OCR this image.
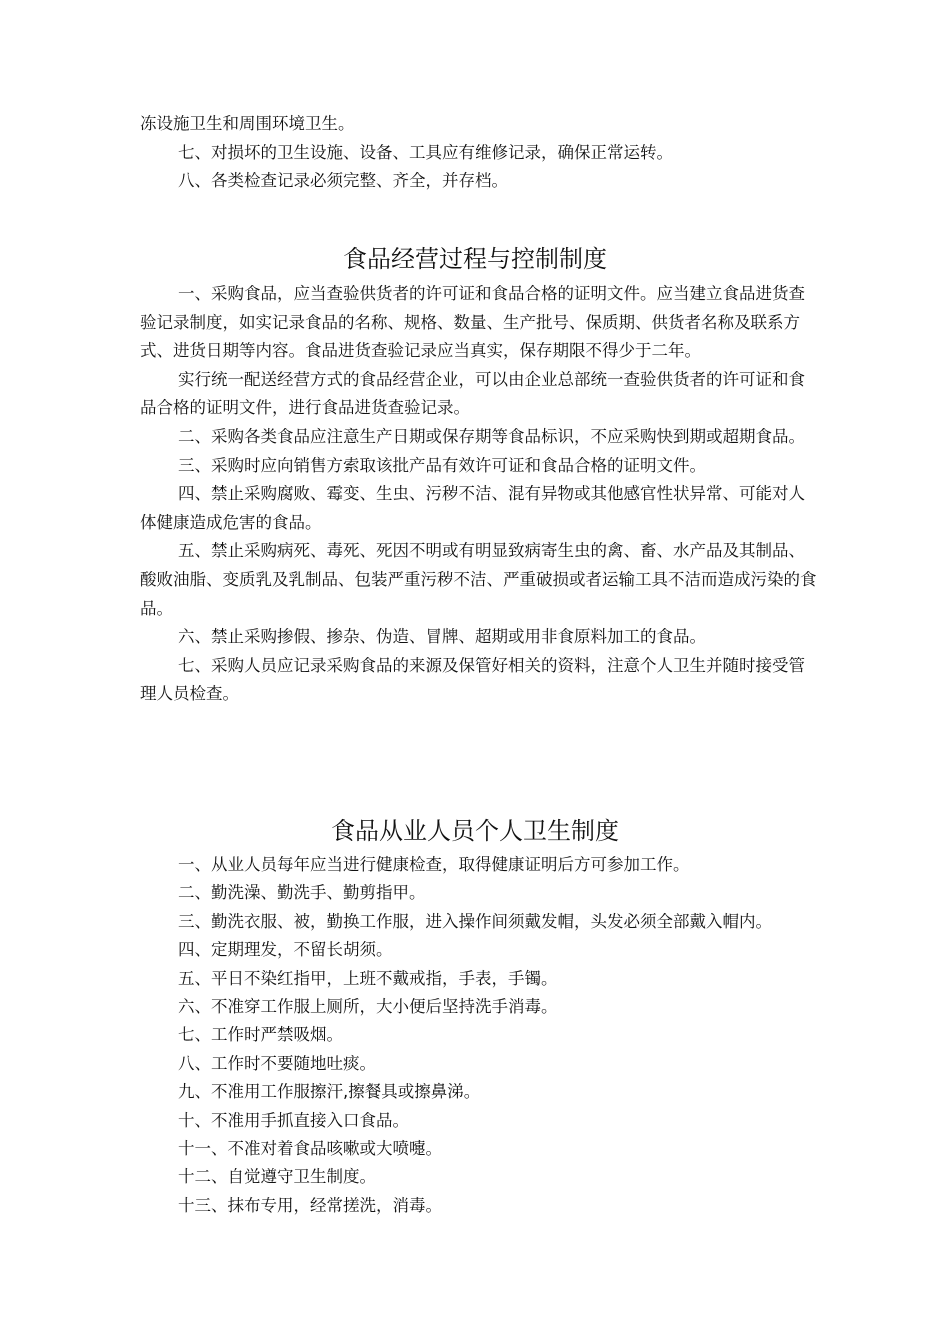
冻设施卫生和周围环境卫生。

七、对损坏的卫生设施、设备、工具应有维修记录，确保正常运转。

八、各类检查记录必须完整、齐全，并存档。

食品经营过程与控制制度

一、采购食品，应当查验供货者的许可证和食品合格的证明文件。应当建立食品进货查验记录制度，如实记录食品的名称、规格、数量、生产批号、保质期、供货者名称及联系方式、进货日期等内容。食品进货查验记录应当真实，保存期限不得少于二年。

实行统一配送经营方式的食品经营企业，可以由企业总部统一查验供货者的许可证和食品合格的证明文件，进行食品进货查验记录。

二、采购各类食品应注意生产日期或保存期等食品标识，不应采购快到期或超期食品。

三、采购时应向销售方索取该批产品有效许可证和食品合格的证明文件。

四、禁止采购腐败、霉变、生虫、污秽不洁、混有异物或其他感官性状异常、可能对人体健康造成危害的食品。

五、禁止采购病死、毒死、死因不明或有明显致病寄生虫的禽、畜、水产品及其制品、酸败油脂、变质乳及乳制品、包装严重污秽不洁、严重破损或者运输工具不洁而造成污染的食品。

六、禁止采购掺假、掺杂、伪造、冒牌、超期或用非食原料加工的食品。

七、采购人员应记录采购食品的来源及保管好相关的资料，注意个人卫生并随时接受管理人员检查。

食品从业人员个人卫生制度

一、从业人员每年应当进行健康检查，取得健康证明后方可参加工作。

二、勤洗澡、勤洗手、勤剪指甲。

三、勤洗衣服、被，勤换工作服，进入操作间须戴发帽，头发必须全部戴入帽内。

四、定期理发，不留长胡须。

五、平日不染红指甲，上班不戴戒指，手表，手镯。

六、不准穿工作服上厕所，大小便后坚持洗手消毒。

七、工作时严禁吸烟。

八、工作时不要随地吐痰。

九、不准用工作服擦汗,擦餐具或擦鼻涕。

十、不准用手抓直接入口食品。

十一、不准对着食品咳嗽或大喷嚏。

十二、自觉遵守卫生制度。

十三、抹布专用，经常搓洗，消毒。
